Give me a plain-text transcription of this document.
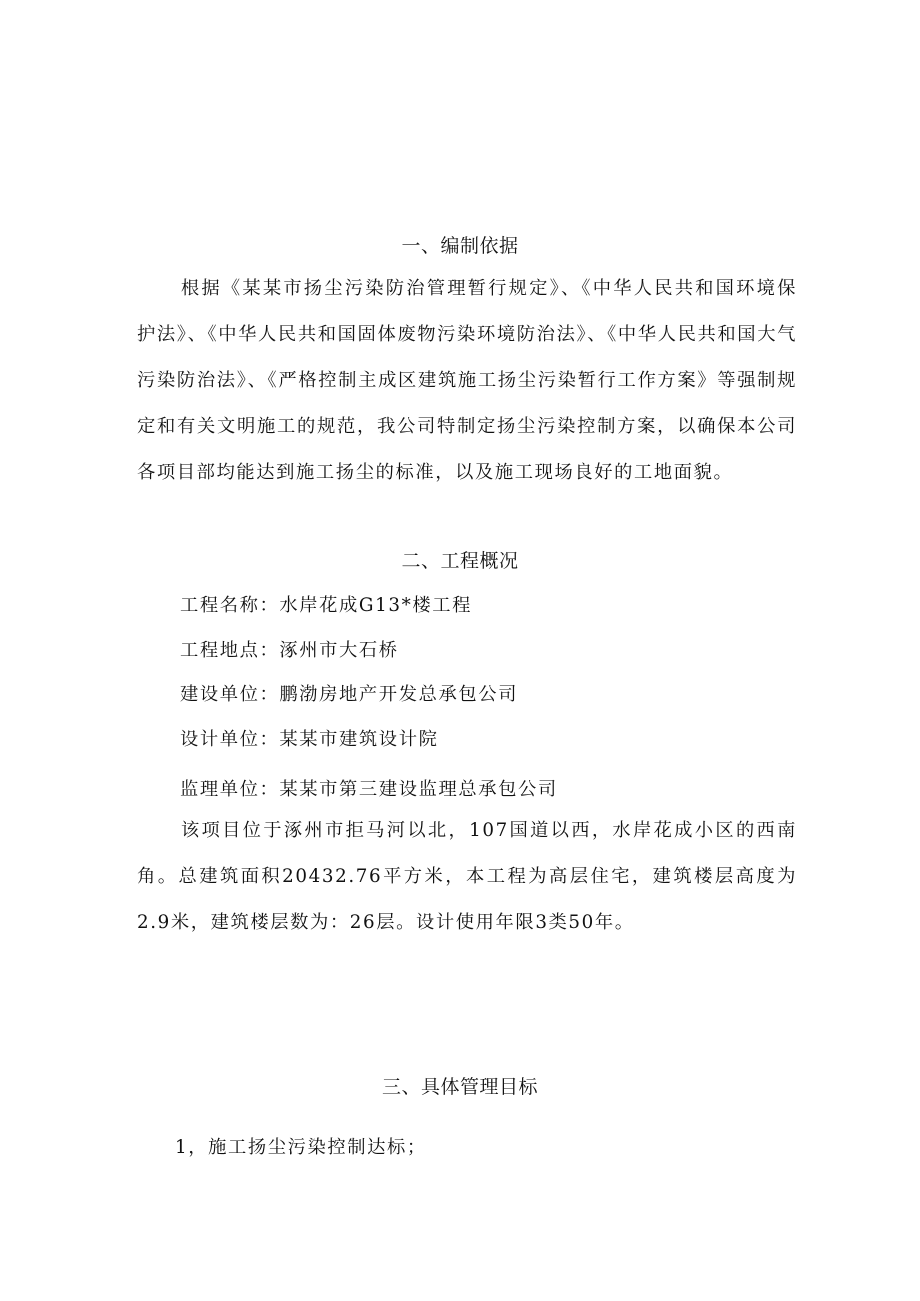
一、编制依据

根据《某某市扬尘污染防治管理暂行规定》、《中华人民共和国环境保护法》、《中华人民共和国固体废物污染环境防治法》、《中华人民共和国大气污染防治法》、《严格控制主成区建筑施工扬尘污染暂行工作方案》等强制规定和有关文明施工的规范，我公司特制定扬尘污染控制方案，以确保本公司各项目部均能达到施工扬尘的标准，以及施工现场良好的工地面貌。

二、工程概况
工程名称：水岸花成G13*楼工程
工程地点：涿州市大石桥
建设单位：鹏渤房地产开发总承包公司
设计单位：某某市建筑设计院
监理单位：某某市第三建设监理总承包公司

该项目位于涿州市拒马河以北，107国道以西，水岸花成小区的西南角。总建筑面积20432.76平方米，本工程为高层住宅，建筑楼层高度为2.9米，建筑楼层数为：26层。设计使用年限3类50年。

三、具体管理目标
1，施工扬尘污染控制达标；
